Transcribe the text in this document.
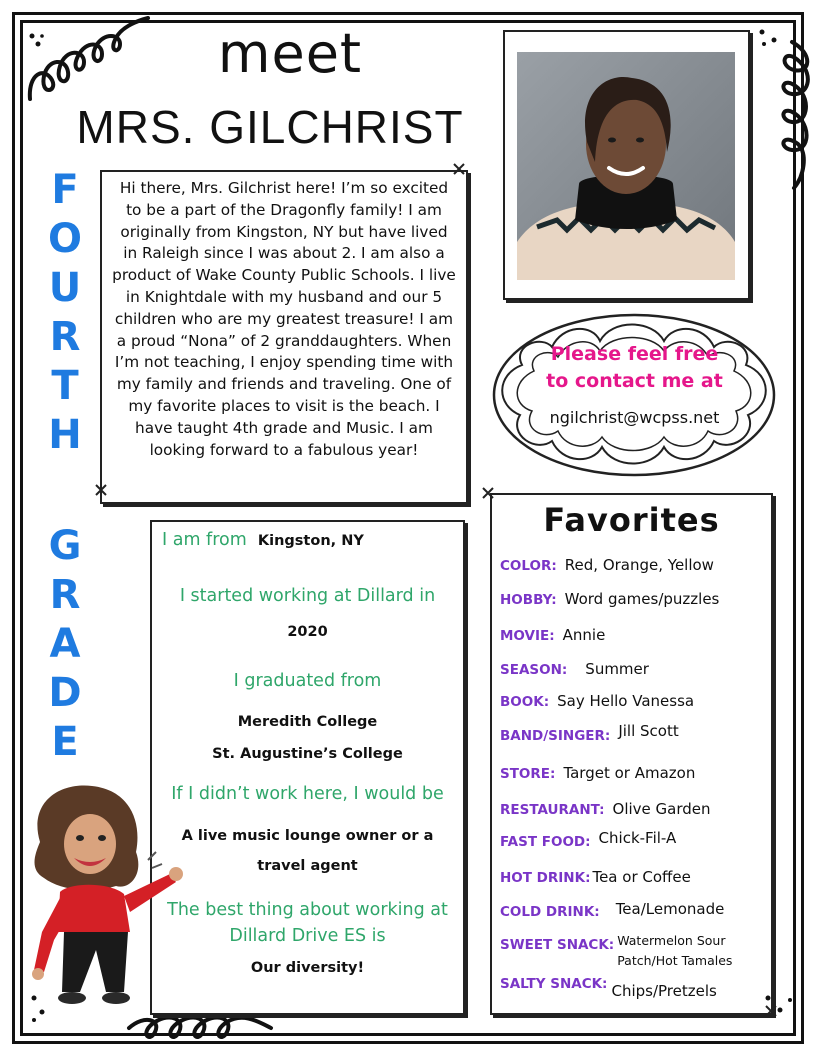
meet
MRS. GILCHRIST
F
O
U
R
T
H
G
R
A
D
E

Hi there, Mrs. Gilchrist here! I’m so excited to be a part of the Dragonfly family! I am originally from Kingston, NY but have lived in Raleigh since I was about 2. I am also a product of Wake County Public Schools. I live in Knightdale with my husband and our 5 children who are my greatest treasure! I am a proud “Nona” of 2 granddaughters. When I’m not teaching, I enjoy spending time with my family and friends and traveling. One of my favorite places to visit is the beach. I have taught 4th grade and Music. I am looking forward to a fabulous year!

Please feel free
to contact me at
ngilchrist@wcpss.net
I am from Kingston, NY
I started working at Dillard in
2020
I graduated from
Meredith College
St. Augustine’s College
If I didn’t work here, I would be
A live music lounge owner or a
travel agent
The best thing about working at
Dillard Drive ES is
Our diversity!
Favorites
COLOR: Red, Orange, Yellow
HOBBY: Word games/puzzles
MOVIE: Annie
SEASON: Summer
BOOK: Say Hello Vanessa
BAND/SINGER: Jill Scott
STORE: Target or Amazon
RESTAURANT: Olive Garden
FAST FOOD: Chick-Fil-A
HOT DRINK: Tea or Coffee
COLD DRINK: Tea/Lemonade
SWEET SNACK: Watermelon Sour Patch/Hot Tamales
SALTY SNACK: Chips/Pretzels
